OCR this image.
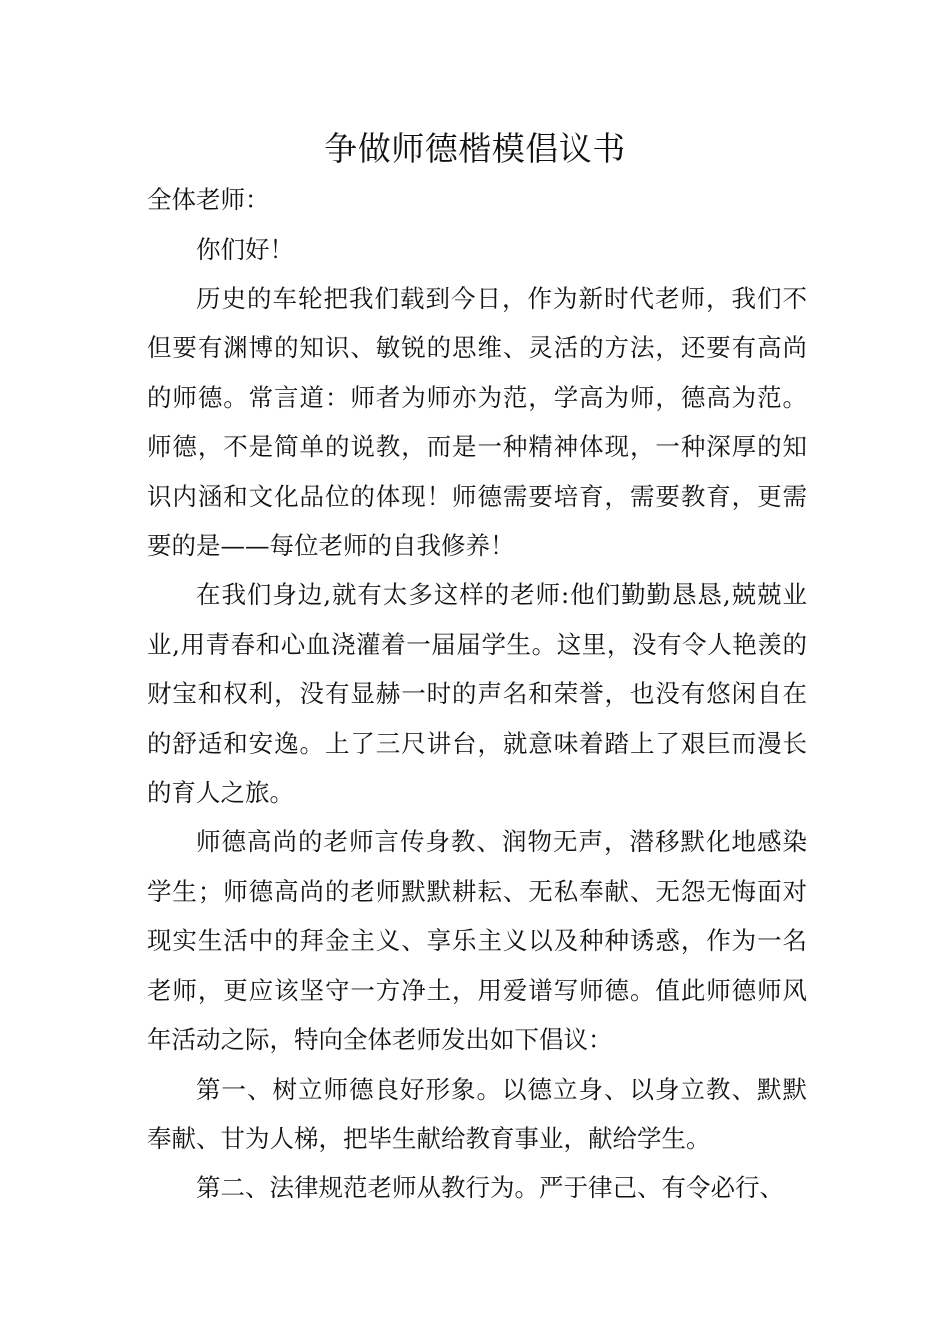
争做师德楷模倡议书
全体老师：
你们好！

历史的车轮把我们载到今日，作为新时代老师，我们不但要有渊博的知识、敏锐的思维、灵活的方法，还要有高尚的师德。常言道：师者为师亦为范，学高为师，德高为范。师德，不是简单的说教，而是一种精神体现，一种深厚的知识内涵和文化品位的体现！师德需要培育，需要教育，更需要的是——每位老师的自我修养！

在我们身边,就有太多这样的老师:他们勤勤恳恳,兢兢业业,用青春和心血浇灌着一届届学生。这里，没有令人艳羡的财宝和权利，没有显赫一时的声名和荣誉，也没有悠闲自在的舒适和安逸。上了三尺讲台，就意味着踏上了艰巨而漫长的育人之旅。

师德高尚的老师言传身教、润物无声，潜移默化地感染学生；师德高尚的老师默默耕耘、无私奉献、无怨无悔面对现实生活中的拜金主义、享乐主义以及种种诱惑，作为一名老师，更应该坚守一方净土，用爱谱写师德。值此师德师风年活动之际，特向全体老师发出如下倡议：

第一、树立师德良好形象。以德立身、以身立教、默默奉献、甘为人梯，把毕生献给教育事业，献给学生。

第二、法律规范老师从教行为。严于律己、有令必行、
